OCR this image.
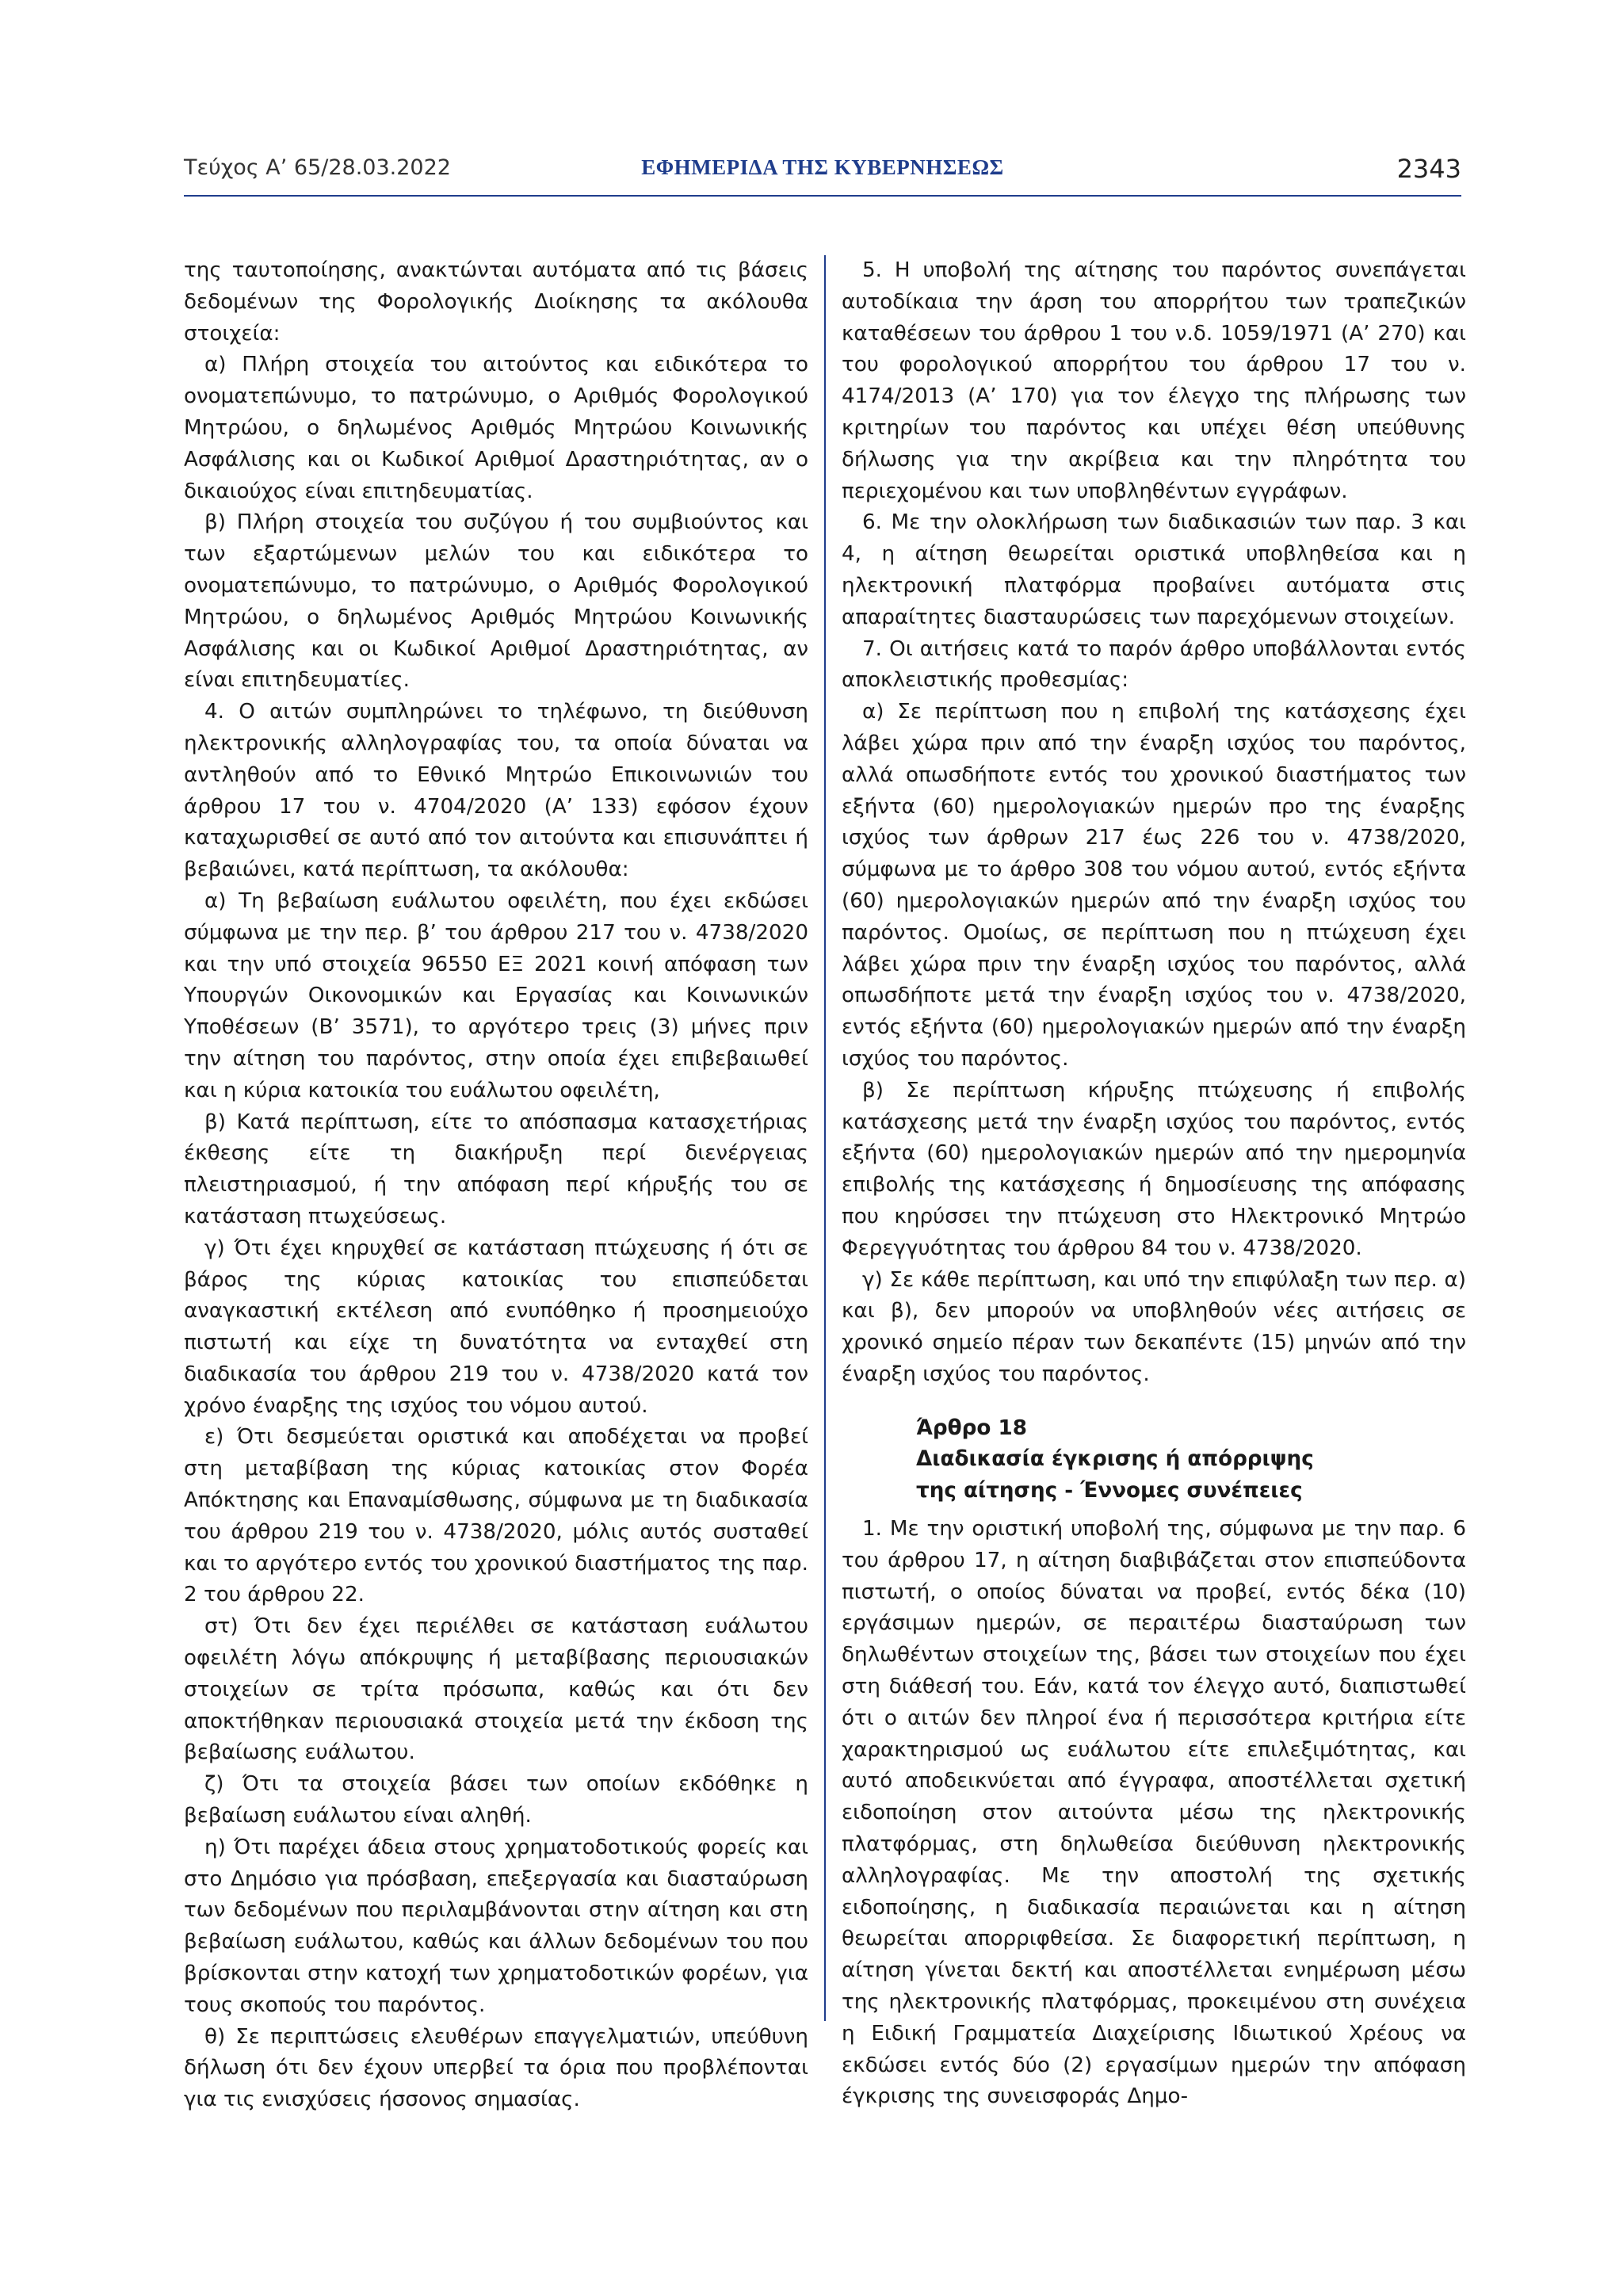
Τεύχος Α’ 65/28.03.2022	ΕΦΗΜΕΡΙΔΑ ΤΗΣ ΚΥΒΕΡΝΗΣΕΩΣ	2343

της ταυτοποίησης, ανακτώνται αυτόματα από τις βάσεις δεδομένων της Φορολογικής Διοίκησης τα ακόλουθα στοιχεία:

α) Πλήρη στοιχεία του αιτούντος και ειδικότερα το ονοματεπώνυμο, το πατρώνυμο, ο Αριθμός Φορολογικού Μητρώου, ο δηλωμένος Αριθμός Μητρώου Κοινωνικής Ασφάλισης και οι Κωδικοί Αριθμοί Δραστηριότητας, αν ο δικαιούχος είναι επιτηδευματίας.

β) Πλήρη στοιχεία του συζύγου ή του συμβιούντος και των εξαρτώμενων μελών του και ειδικότερα το ονοματεπώνυμο, το πατρώνυμο, ο Αριθμός Φορολογικού Μητρώου, ο δηλωμένος Αριθμός Μητρώου Κοινωνικής Ασφάλισης και οι Κωδικοί Αριθμοί Δραστηριότητας, αν είναι επιτηδευματίες.

4. Ο αιτών συμπληρώνει το τηλέφωνο, τη διεύθυνση ηλεκτρονικής αλληλογραφίας του, τα οποία δύναται να αντληθούν από το Εθνικό Μητρώο Επικοινωνιών του άρθρου 17 του ν. 4704/2020 (Α’ 133) εφόσον έχουν καταχωρισθεί σε αυτό από τον αιτούντα και επισυνάπτει ή βεβαιώνει, κατά περίπτωση, τα ακόλουθα:

α) Τη βεβαίωση ευάλωτου οφειλέτη, που έχει εκδώσει σύμφωνα με την περ. β’ του άρθρου 217 του ν. 4738/2020 και την υπό στοιχεία 96550 ΕΞ 2021 κοινή απόφαση των Υπουργών Οικονομικών και Εργασίας και Κοινωνικών Υποθέσεων (Β’ 3571), το αργότερο τρεις (3) μήνες πριν την αίτηση του παρόντος, στην οποία έχει επιβεβαιωθεί και η κύρια κατοικία του ευάλωτου οφειλέτη,

β) Κατά περίπτωση, είτε το απόσπασμα κατασχετήριας έκθεσης είτε τη διακήρυξη περί διενέργειας πλειστηριασμού, ή την απόφαση περί κήρυξής του σε κατάσταση πτωχεύσεως.

γ) Ότι έχει κηρυχθεί σε κατάσταση πτώχευσης ή ότι σε βάρος της κύριας κατοικίας του επισπεύδεται αναγκαστική εκτέλεση από ενυπόθηκο ή προσημειούχο πιστωτή και είχε τη δυνατότητα να ενταχθεί στη διαδικασία του άρθρου 219 του ν. 4738/2020 κατά τον χρόνο έναρξης της ισχύος του νόμου αυτού.

ε) Ότι δεσμεύεται οριστικά και αποδέχεται να προβεί στη μεταβίβαση της κύριας κατοικίας στον Φορέα Απόκτησης και Επαναμίσθωσης, σύμφωνα με τη διαδικασία του άρθρου 219 του ν. 4738/2020, μόλις αυτός συσταθεί και το αργότερο εντός του χρονικού διαστήματος της παρ. 2 του άρθρου 22.

στ) Ότι δεν έχει περιέλθει σε κατάσταση ευάλωτου οφειλέτη λόγω απόκρυψης ή μεταβίβασης περιουσιακών στοιχείων σε τρίτα πρόσωπα, καθώς και ότι δεν αποκτήθηκαν περιουσιακά στοιχεία μετά την έκδοση της βεβαίωσης ευάλωτου.

ζ) Ότι τα στοιχεία βάσει των οποίων εκδόθηκε η βεβαίωση ευάλωτου είναι αληθή.

η) Ότι παρέχει άδεια στους χρηματοδοτικούς φορείς και στο Δημόσιο για πρόσβαση, επεξεργασία και διασταύρωση των δεδομένων που περιλαμβάνονται στην αίτηση και στη βεβαίωση ευάλωτου, καθώς και άλλων δεδομένων του που βρίσκονται στην κατοχή των χρηματοδοτικών φορέων, για τους σκοπούς του παρόντος.

θ) Σε περιπτώσεις ελευθέρων επαγγελματιών, υπεύθυνη δήλωση ότι δεν έχουν υπερβεί τα όρια που προβλέπονται για τις ενισχύσεις ήσσονος σημασίας.

5. Η υποβολή της αίτησης του παρόντος συνεπάγεται αυτοδίκαια την άρση του απορρήτου των τραπεζικών καταθέσεων του άρθρου 1 του ν.δ. 1059/1971 (Α’ 270) και του φορολογικού απορρήτου του άρθρου 17 του ν. 4174/2013 (Α’ 170) για τον έλεγχο της πλήρωσης των κριτηρίων του παρόντος και υπέχει θέση υπεύθυνης δήλωσης για την ακρίβεια και την πληρότητα του περιεχομένου και των υποβληθέντων εγγράφων.

6. Με την ολοκλήρωση των διαδικασιών των παρ. 3 και 4, η αίτηση θεωρείται οριστικά υποβληθείσα και η ηλεκτρονική πλατφόρμα προβαίνει αυτόματα στις απαραίτητες διασταυρώσεις των παρεχόμενων στοιχείων.

7. Οι αιτήσεις κατά το παρόν άρθρο υποβάλλονται εντός αποκλειστικής προθεσμίας:

α) Σε περίπτωση που η επιβολή της κατάσχεσης έχει λάβει χώρα πριν από την έναρξη ισχύος του παρόντος, αλλά οπωσδήποτε εντός του χρονικού διαστήματος των εξήντα (60) ημερολογιακών ημερών προ της έναρξης ισχύος των άρθρων 217 έως 226 του ν. 4738/2020, σύμφωνα με το άρθρο 308 του νόμου αυτού, εντός εξήντα (60) ημερολογιακών ημερών από την έναρξη ισχύος του παρόντος. Ομοίως, σε περίπτωση που η πτώχευση έχει λάβει χώρα πριν την έναρξη ισχύος του παρόντος, αλλά οπωσδήποτε μετά την έναρξη ισχύος του ν. 4738/2020, εντός εξήντα (60) ημερολογιακών ημερών από την έναρξη ισχύος του παρόντος.

β) Σε περίπτωση κήρυξης πτώχευσης ή επιβολής κατάσχεσης μετά την έναρξη ισχύος του παρόντος, εντός εξήντα (60) ημερολογιακών ημερών από την ημερομηνία επιβολής της κατάσχεσης ή δημοσίευσης της απόφασης που κηρύσσει την πτώχευση στο Ηλεκτρονικό Μητρώο Φερεγγυότητας του άρθρου 84 του ν. 4738/2020.

γ) Σε κάθε περίπτωση, και υπό την επιφύλαξη των περ. α) και β), δεν μπορούν να υποβληθούν νέες αιτήσεις σε χρονικό σημείο πέραν των δεκαπέντε (15) μηνών από την έναρξη ισχύος του παρόντος.

Άρθρο 18
Διαδικασία έγκρισης ή απόρριψης
της αίτησης - Έννομες συνέπειες

1. Με την οριστική υποβολή της, σύμφωνα με την παρ. 6 του άρθρου 17, η αίτηση διαβιβάζεται στον επισπεύδοντα πιστωτή, ο οποίος δύναται να προβεί, εντός δέκα (10) εργάσιμων ημερών, σε περαιτέρω διασταύρωση των δηλωθέντων στοιχείων της, βάσει των στοιχείων που έχει στη διάθεσή του. Εάν, κατά τον έλεγχο αυτό, διαπιστωθεί ότι ο αιτών δεν πληροί ένα ή περισσότερα κριτήρια είτε χαρακτηρισμού ως ευάλωτου είτε επιλεξιμότητας, και αυτό αποδεικνύεται από έγγραφα, αποστέλλεται σχετική ειδοποίηση στον αιτούντα μέσω της ηλεκτρονικής πλατφόρμας, στη δηλωθείσα διεύθυνση ηλεκτρονικής αλληλογραφίας. Με την αποστολή της σχετικής ειδοποίησης, η διαδικασία περαιώνεται και η αίτηση θεωρείται απορριφθείσα. Σε διαφορετική περίπτωση, η αίτηση γίνεται δεκτή και αποστέλλεται ενημέρωση μέσω της ηλεκτρονικής πλατφόρμας, προκειμένου στη συνέχεια η Ειδική Γραμματεία Διαχείρισης Ιδιωτικού Χρέους να εκδώσει εντός δύο (2) εργασίμων ημερών την απόφαση έγκρισης της συνεισφοράς Δημο-
